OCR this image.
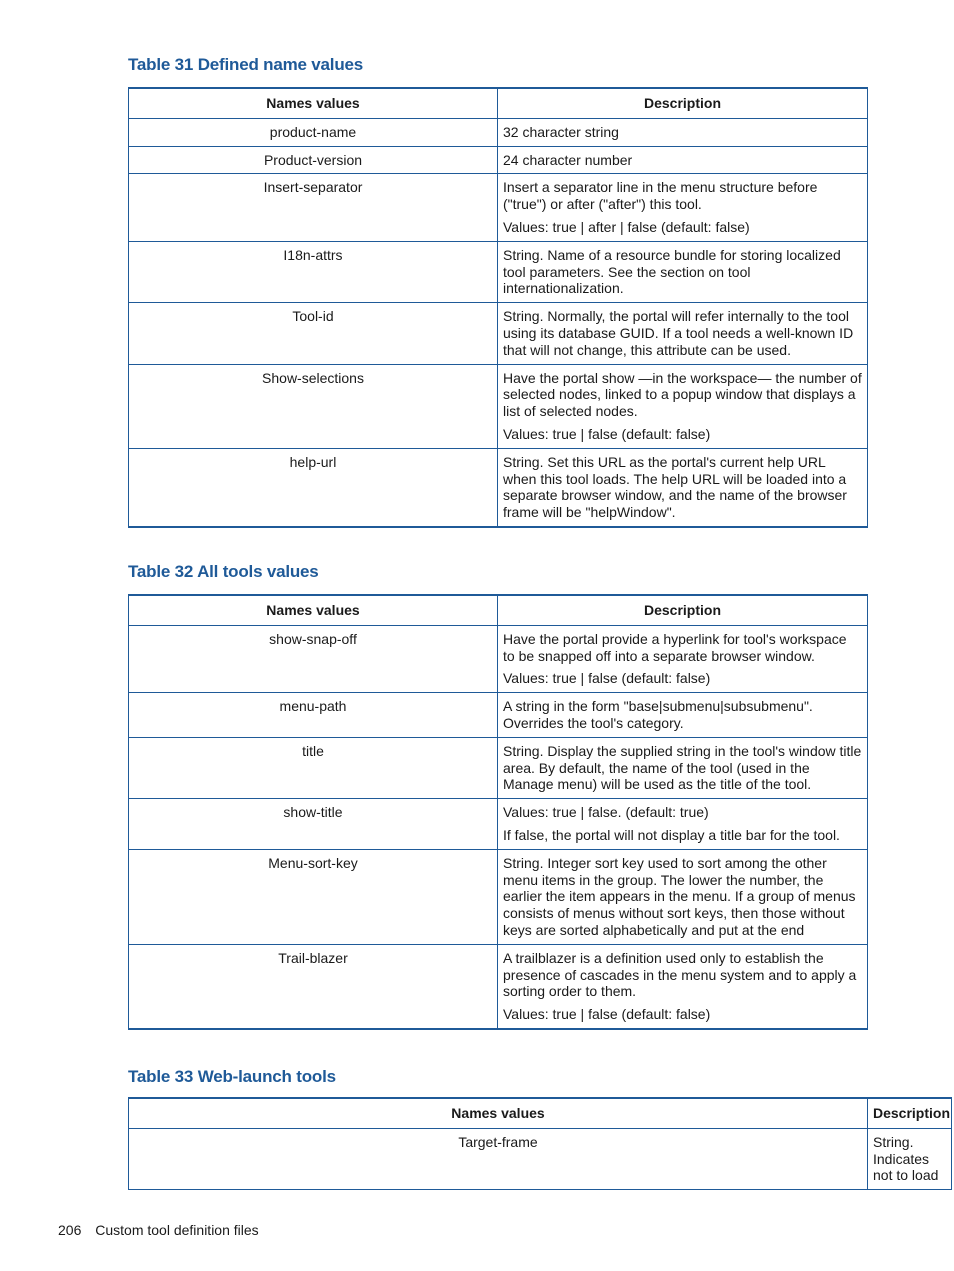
Table 31 Defined name values
Names values	Description
product-name	32 character string

Product-version	24 character number

Insert-separator	Insert a separator line in the menu structure before ("true") or after ("after") this tool.
Values: true | after | false (default: false)

I18n-attrs	String. Name of a resource bundle for storing localized tool parameters. See the section on tool internationalization.

Tool-id	String. Normally, the portal will refer internally to the tool using its database GUID. If a tool needs a well-known ID that will not change, this attribute can be used.

Show-selections	Have the portal show —in the workspace— the number of selected nodes, linked to a popup window that displays a list of selected nodes.
Values: true | false (default: false)

help-url	String. Set this URL as the portal's current help URL when this tool loads. The help URL will be loaded into a separate browser window, and the name of the browser frame will be "helpWindow".
Table 32 All tools values
Names values	Description
show-snap-off	Have the portal provide a hyperlink for tool's workspace to be snapped off into a separate browser window.
Values: true | false (default: false)

menu-path	A string in the form "base|submenu|subsubmenu". Overrides the tool's category.

title	String. Display the supplied string in the tool's window title area. By default, the name of the tool (used in the Manage menu) will be used as the title of the tool.

show-title	Values: true | false. (default: true)
If false, the portal will not display a title bar for the tool.

Menu-sort-key	String. Integer sort key used to sort among the other menu items in the group. The lower the number, the earlier the item appears in the menu. If a group of menus consists of menus without sort keys, then those without keys are sorted alphabetically and put at the end

Trail-blazer	A trailblazer is a definition used only to establish the presence of cascades in the menu system and to apply a sorting order to them.
Values: true | false (default: false)
Table 33 Web-launch tools
Names values	Description
Target-frame	String. Indicates not to load
206 Custom tool definition files
